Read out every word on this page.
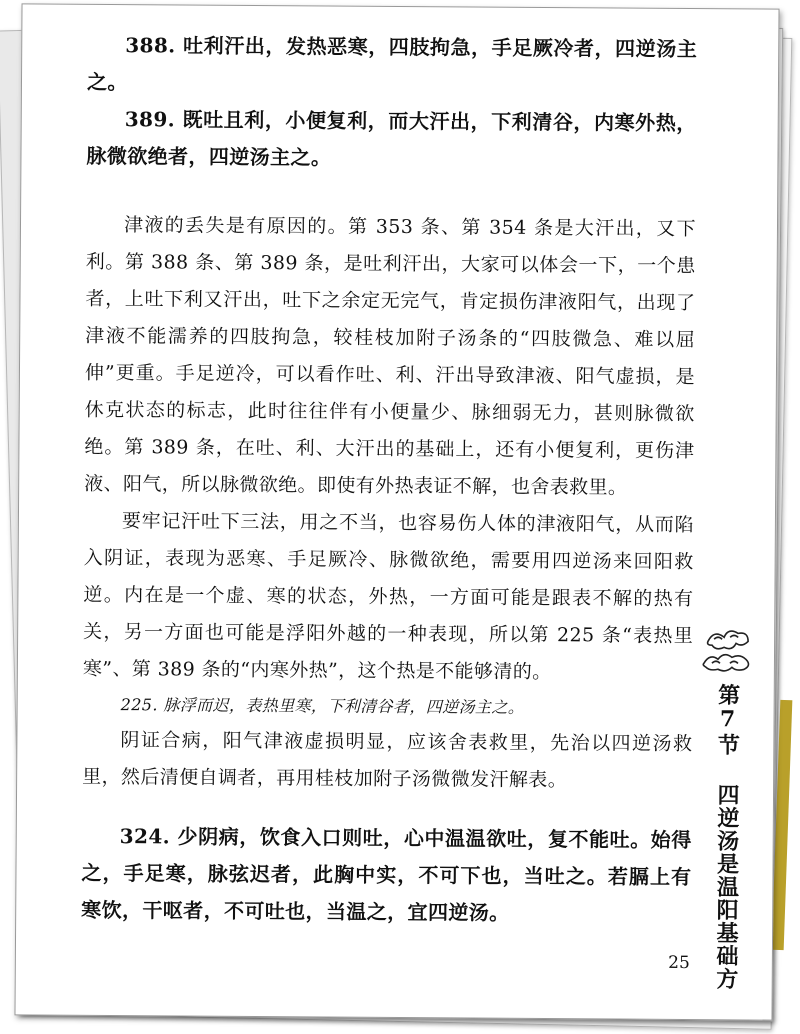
388. 吐利汗出，发热恶寒，四肢拘急，手足厥冷者，四逆汤主之。

389. 既吐且利，小便复利，而大汗出，下利清谷，内寒外热，脉微欲绝者，四逆汤主之。

津液的丢失是有原因的。第 353 条、第 354 条是大汗出，又下利。第 388 条、第 389 条，是吐利汗出，大家可以体会一下，一个患者，上吐下利又汗出，吐下之余定无完气，肯定损伤津液阳气，出现了津液不能濡养的四肢拘急，较桂枝加附子汤条的“四肢微急、难以屈伸”更重。手足逆冷，可以看作吐、利、汗出导致津液、阳气虚损，是休克状态的标志，此时往往伴有小便量少、脉细弱无力，甚则脉微欲绝。第 389 条，在吐、利、大汗出的基础上，还有小便复利，更伤津液、阳气，所以脉微欲绝。即使有外热表证不解，也舍表救里。

要牢记汗吐下三法，用之不当，也容易伤人体的津液阳气，从而陷入阴证，表现为恶寒、手足厥冷、脉微欲绝，需要用四逆汤来回阳救逆。内在是一个虚、寒的状态，外热，一方面可能是跟表不解的热有关，另一方面也可能是浮阳外越的一种表现，所以第 225 条“表热里寒”、第 389 条的“内寒外热”，这个热是不能够清的。

225. 脉浮而迟，表热里寒，下利清谷者，四逆汤主之。

阴证合病，阳气津液虚损明显，应该舍表救里，先治以四逆汤救里，然后清便自调者，再用桂枝加附子汤微微发汗解表。

324. 少阴病，饮食入口则吐，心中温温欲吐，复不能吐。始得之，手足寒，脉弦迟者，此胸中实，不可下也，当吐之。若膈上有寒饮，干呕者，不可吐也，当温之，宜四逆汤。	第7节 四逆汤是温阳基础方
25
